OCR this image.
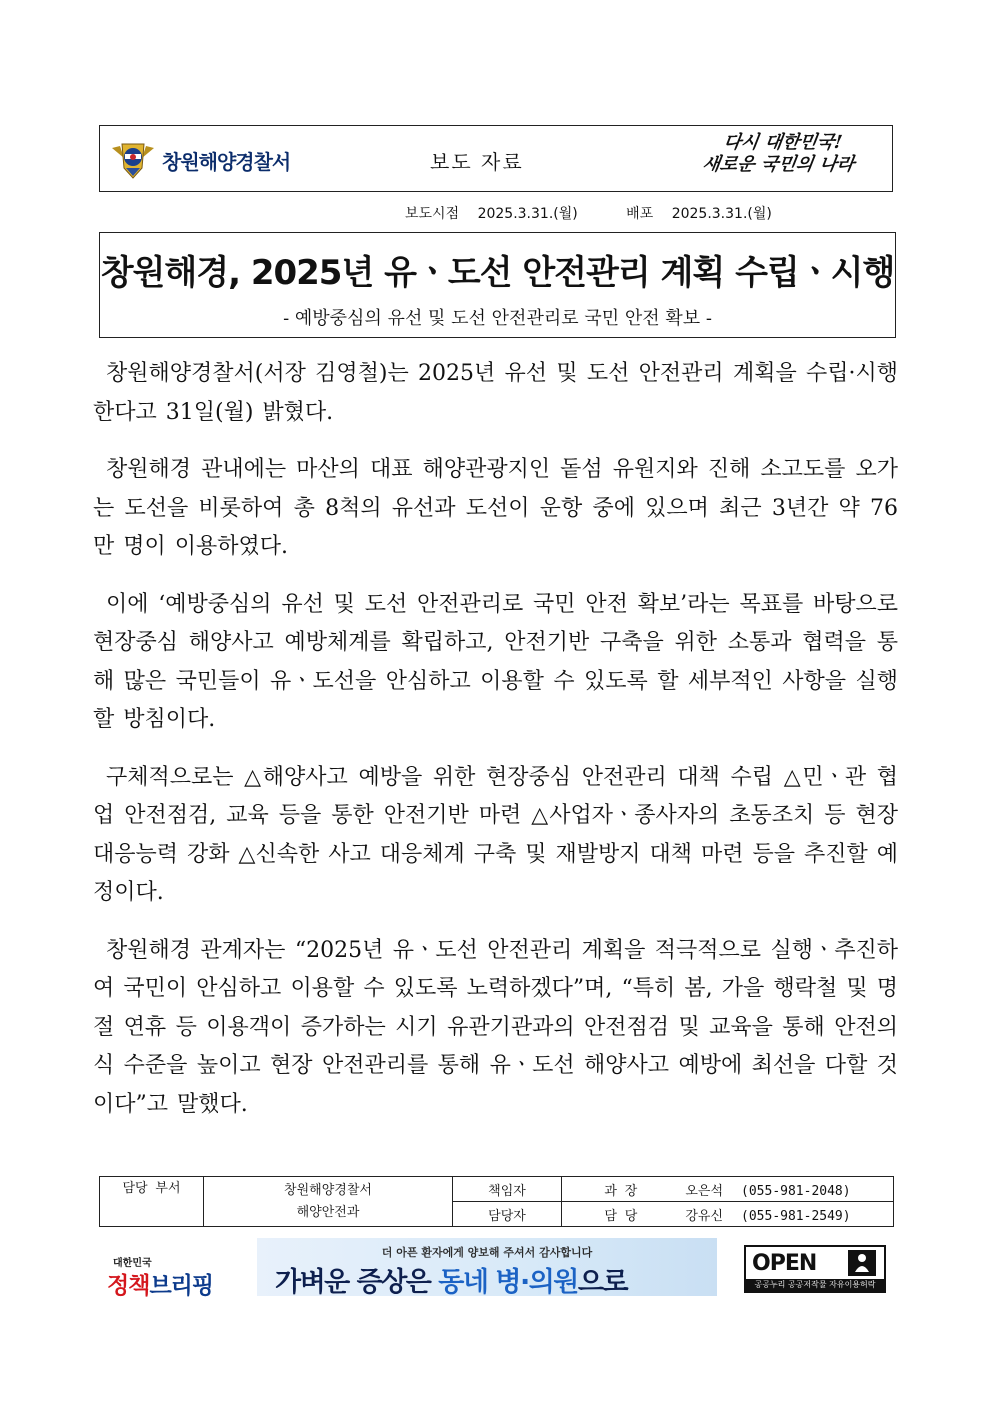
창원해양경찰서	보도 자료
다시 대한민국!
새로운 국민의 나라
보도시점 2025.3.31.(월)	배포 2025.3.31.(월)
창원해경, 2025년 유ㆍ도선 안전관리 계획 수립ㆍ시행
- 예방중심의 유선 및 도선 안전관리로 국민 안전 확보 -

창원해양경찰서(서장 김영철)는 2025년 유선 및 도선 안전관리 계획을 수립·시행한다고 31일(월) 밝혔다.

창원해경 관내에는 마산의 대표 해양관광지인 돝섬 유원지와 진해 소고도를 오가는 도선을 비롯하여 총 8척의 유선과 도선이 운항 중에 있으며 최근 3년간 약 76만 명이 이용하였다.

이에 ‘예방중심의 유선 및 도선 안전관리로 국민 안전 확보’라는 목표를 바탕으로 현장중심 해양사고 예방체계를 확립하고, 안전기반 구축을 위한 소통과 협력을 통해 많은 국민들이 유ㆍ도선을 안심하고 이용할 수 있도록 할 세부적인 사항을 실행할 방침이다.

구체적으로는 △해양사고 예방을 위한 현장중심 안전관리 대책 수립 △민ㆍ관 협업 안전점검, 교육 등을 통한 안전기반 마련 △사업자ㆍ종사자의 초동조치 등 현장 대응능력 강화 △신속한 사고 대응체계 구축 및 재발방지 대책 마련 등을 추진할 예정이다.

창원해경 관계자는 “2025년 유ㆍ도선 안전관리 계획을 적극적으로 실행ㆍ추진하여 국민이 안심하고 이용할 수 있도록 노력하겠다”며, “특히 봄, 가을 행락철 및 명절 연휴 등 이용객이 증가하는 시기 유관기관과의 안전점검 및 교육을 통해 안전의식 수준을 높이고 현장 안전관리를 통해 유ㆍ도선 해양사고 예방에 최선을 다할 것이다”고 말했다.

담당 부서	창원해양경찰서
해양안전과	책임자	과 장 오은석 (055-981-2048)
		담당자	담 당 강유신 (055-981-2549)
대한민국
정책브리핑
더 아픈 환자에게 양보해 주셔서 감사합니다
가벼운 증상은 동네 병·의원으로
OPEN
공공누리 공공저작물 자유이용허락
